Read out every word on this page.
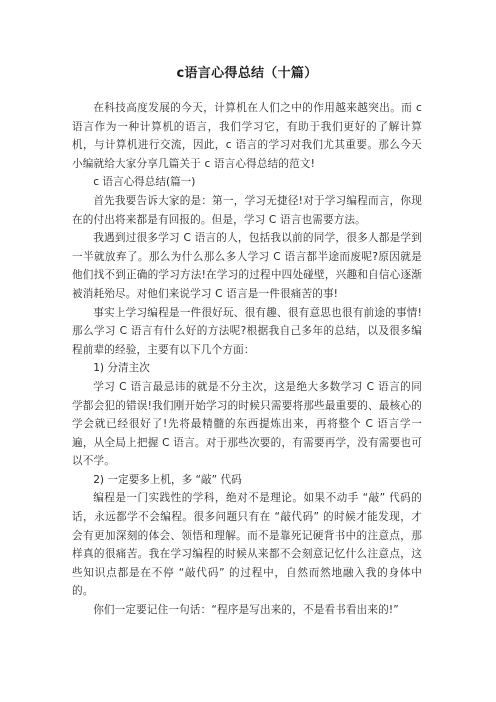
c语言心得总结（十篇）

在科技高度发展的今天，计算机在人们之中的作用越来越突出。而 c 语言作为一种计算机的语言，我们学习它，有助于我们更好的了解计算机，与计算机进行交流，因此，c 语言的学习对我们尤其重要。那么今天小编就给大家分享几篇关于 c 语言心得总结的范文!

c 语言心得总结(篇一)

首先我要告诉大家的是：第一，学习无捷径!对于学习编程而言，你现在的付出将来都是有回报的。但是，学习 C 语言也需要方法。

我遇到过很多学习 C 语言的人，包括我以前的同学，很多人都是学到一半就放弃了。那么为什么那么多人学习 C 语言都半途而废呢?原因就是他们找不到正确的学习方法!在学习的过程中四处碰壁，兴趣和自信心逐渐被消耗殆尽。对他们来说学习 C 语言是一件很痛苦的事!

事实上学习编程是一件很好玩、很有趣、很有意思也很有前途的事情!那么学习 C 语言有什么好的方法呢?根据我自己多年的总结，以及很多编程前辈的经验，主要有以下几个方面：

1) 分清主次

学习 C 语言最忌讳的就是不分主次，这是绝大多数学习 C 语言的同学都会犯的错误!我们刚开始学习的时候只需要将那些最重要的、最核心的学会就已经很好了!先将最精髓的东西提炼出来，再将整个 C 语言学一遍，从全局上把握 C 语言。对于那些次要的，有需要再学，没有需要也可以不学。

2) 一定要多上机，多 “敲” 代码

编程是一门实践性的学科，绝对不是理论。如果不动手 “敲” 代码的话，永远都学不会编程。很多问题只有在 “敲代码” 的时候才能发现，才会有更加深刻的体会、领悟和理解。而不是靠死记硬背书中的注意点，那样真的很痛苦。我在学习编程的时候从来都不会刻意记忆什么注意点，这些知识点都是在不停 “敲代码” 的过程中，自然而然地融入我的身体中的。

你们一定要记住一句话：“程序是写出来的，不是看书看出来的!”
